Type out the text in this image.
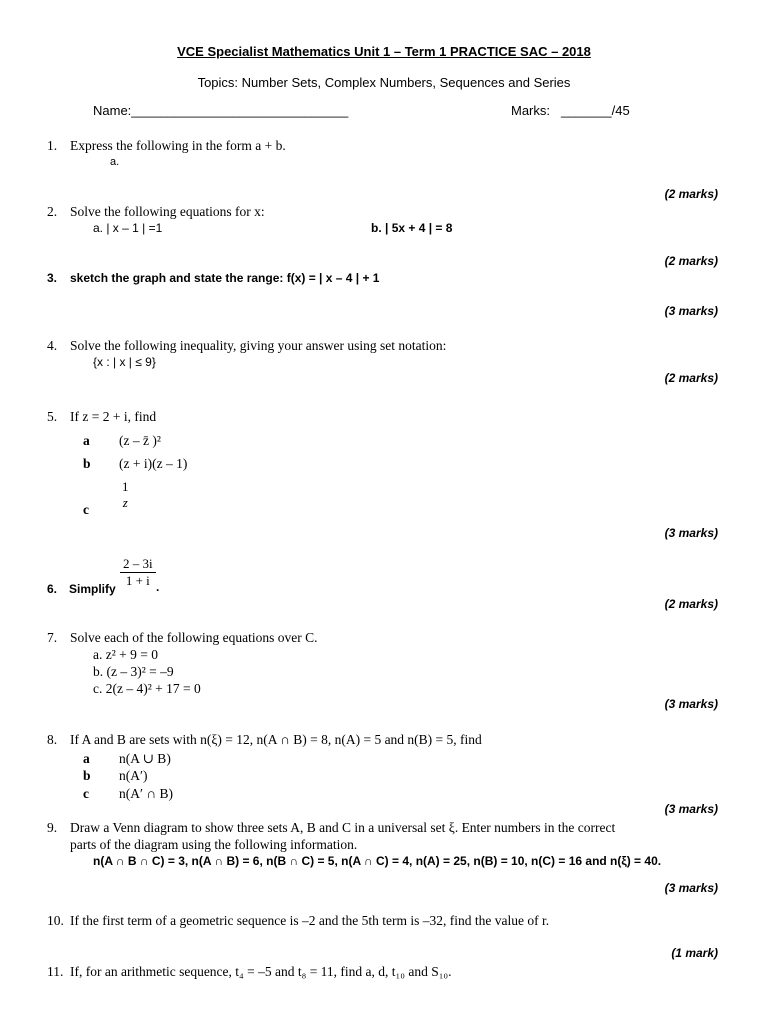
VCE Specialist Mathematics Unit 1 – Term 1 PRACTICE SAC – 2018
Topics: Number Sets, Complex Numbers, Sequences and Series
Name:______________________________	Marks: _______/45
1. Express the following in the form a + b.
a.
(2 marks)
2. Solve the following equations for x:
a. | x – 1 | =1	b. | 5x + 4 | = 8
(2 marks)
3. sketch the graph and state the range: f(x) = | x – 4 | + 1
(3 marks)
4. Solve the following inequality, giving your answer using set notation:
{x : | x | ≤ 9}
(2 marks)
5. If z = 2 + i, find
a (z – z̄ )²
b (z + i)(z – 1)
1
z
c
(3 marks)
$\frac{2 - 3i}{1 + i}$
6. Simplify	.
(2 marks)
7. Solve each of the following equations over C.
a. z² + 9 = 0
b. (z – 3)² = –9
c. 2(z – 4)² + 17 = 0
(3 marks)
8. If A and B are sets with n(ξ) = 12, n(A ∩ B) = 8, n(A) = 5 and n(B) = 5, find
a n(A ∪ B)
b n(A′)
c n(A′ ∩ B)
(3 marks)
9. Draw a Venn diagram to show three sets A, B and C in a universal set ξ. Enter numbers in the correct
parts of the diagram using the following information.
n(A ∩ B ∩ C) = 3, n(A ∩ B) = 6, n(B ∩ C) = 5, n(A ∩ C) = 4, n(A) = 25, n(B) = 10, n(C) = 16 and n(ξ) = 40.
(3 marks)
10. If the first term of a geometric sequence is –2 and the 5th term is –32, find the value of r.
(1 mark)
11. If, for an arithmetic sequence, t₄ = –5 and t₈ = 11, find a, d, t₁₀ and S₁₀.
